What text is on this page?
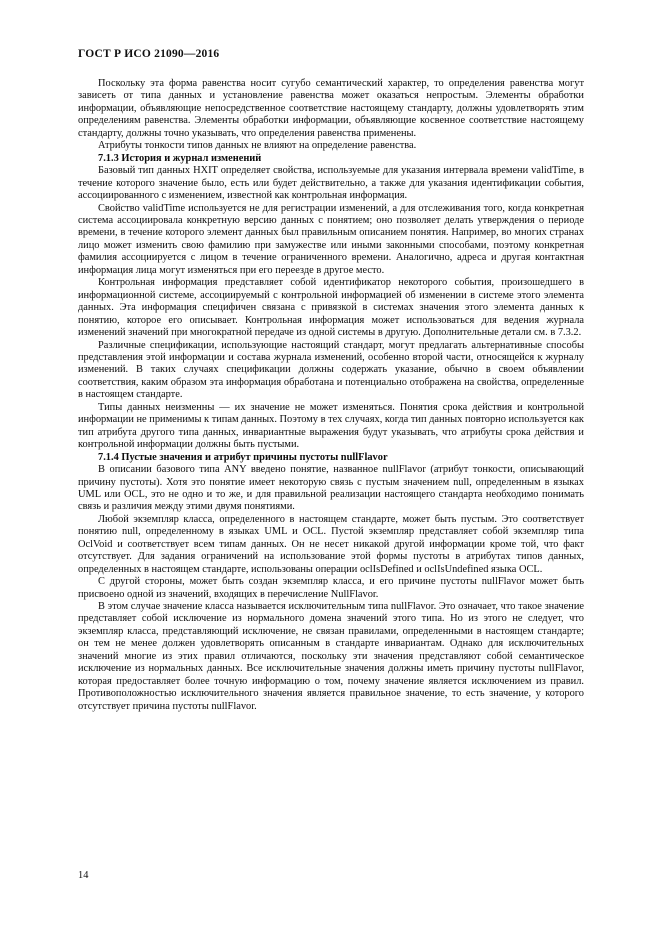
ГОСТ Р ИСО 21090—2016

Поскольку эта форма равенства носит сугубо семантический характер, то определения равенства могут зависеть от типа данных и установление равенства может оказаться непростым. Элементы обработки информации, объявляющие непосредственное соответствие настоящему стандарту, должны удовлетворять этим определениям равенства. Элементы обработки информации, объявляющие косвенное соответствие настоящему стандарту, должны точно указывать, что определения равенства применены.

Атрибуты тонкости типов данных не влияют на определение равенства.

7.1.3 История и журнал изменений

Базовый тип данных HXIT определяет свойства, используемые для указания интервала времени validTime, в течение которого значение было, есть или будет действительно, а также для указания идентификации события, ассоциированного с изменением, известной как контрольная информация.

Свойство validTime используется не для регистрации изменений, а для отслеживания того, когда конкретная система ассоциировала конкретную версию данных с понятием; оно позволяет делать утверждения о периоде времени, в течение которого элемент данных был правильным описанием понятия. Например, во многих странах лицо может изменить свою фамилию при замужестве или иными законными способами, поэтому конкретная фамилия ассоциируется с лицом в течение ограниченного времени. Аналогично, адреса и другая контактная информация лица могут изменяться при его переезде в другое место.

Контрольная информация представляет собой идентификатор некоторого события, произошедшего в информационной системе, ассоциируемый с контрольной информацией об изменении в системе этого элемента данных. Эта информация специфичен связана с привязкой в системах значения этого элемента данных к понятию, которое его описывает. Контрольная информация может использоваться для ведения журнала изменений значений при многократной передаче из одной системы в другую. Дополнительные детали см. в 7.3.2.

Различные спецификации, использующие настоящий стандарт, могут предлагать альтернативные способы представления этой информации и состава журнала изменений, особенно второй части, относящейся к журналу изменений. В таких случаях спецификации должны содержать указание, обычно в своем объявлении соответствия, каким образом эта информация обработана и потенциально отображена на свойства, определенные в настоящем стандарте.

Типы данных неизменны — их значение не может изменяться. Понятия срока действия и контрольной информации не применимы к типам данных. Поэтому в тех случаях, когда тип данных повторно используется как тип атрибута другого типа данных, инвариантные выражения будут указывать, что атрибуты срока действия и контрольной информации должны быть пустыми.

7.1.4 Пустые значения и атрибут причины пустоты nullFlavor

В описании базового типа ANY введено понятие, названное nullFlavor (атрибут тонкости, описывающий причину пустоты). Хотя это понятие имеет некоторую связь с пустым значением null, определенным в языках UML или OCL, это не одно и то же, и для правильной реализации настоящего стандарта необходимо понимать связь и различия между этими двумя понятиями.

Любой экземпляр класса, определенного в настоящем стандарте, может быть пустым. Это соответствует понятию null, определенному в языках UML и OCL. Пустой экземпляр представляет собой экземпляр типа OclVoid и соответствует всем типам данных. Он не несет никакой другой информации кроме той, что факт отсутствует. Для задания ограничений на использование этой формы пустоты в атрибутах типов данных, определенных в настоящем стандарте, использованы операции oclIsDefined и oclIsUndefined языка OCL.

С другой стороны, может быть создан экземпляр класса, и его причине пустоты nullFlavor может быть присвоено одной из значений, входящих в перечисление NullFlavor.

В этом случае значение класса называется исключительным типа nullFlavor. Это означает, что такое значение представляет собой исключение из нормального домена значений этого типа. Но из этого не следует, что экземпляр класса, представляющий исключение, не связан правилами, определенными в настоящем стандарте; он тем не менее должен удовлетворять описанным в стандарте инвариантам. Однако для исключительных значений многие из этих правил отличаются, поскольку эти значения представляют собой семантическое исключение из нормальных данных. Все исключительные значения должны иметь причину пустоты nullFlavor, которая предоставляет более точную информацию о том, почему значение является исключением из правил. Противоположностью исключительного значения является правильное значение, то есть значение, у которого отсутствует причина пустоты nullFlavor.

14
